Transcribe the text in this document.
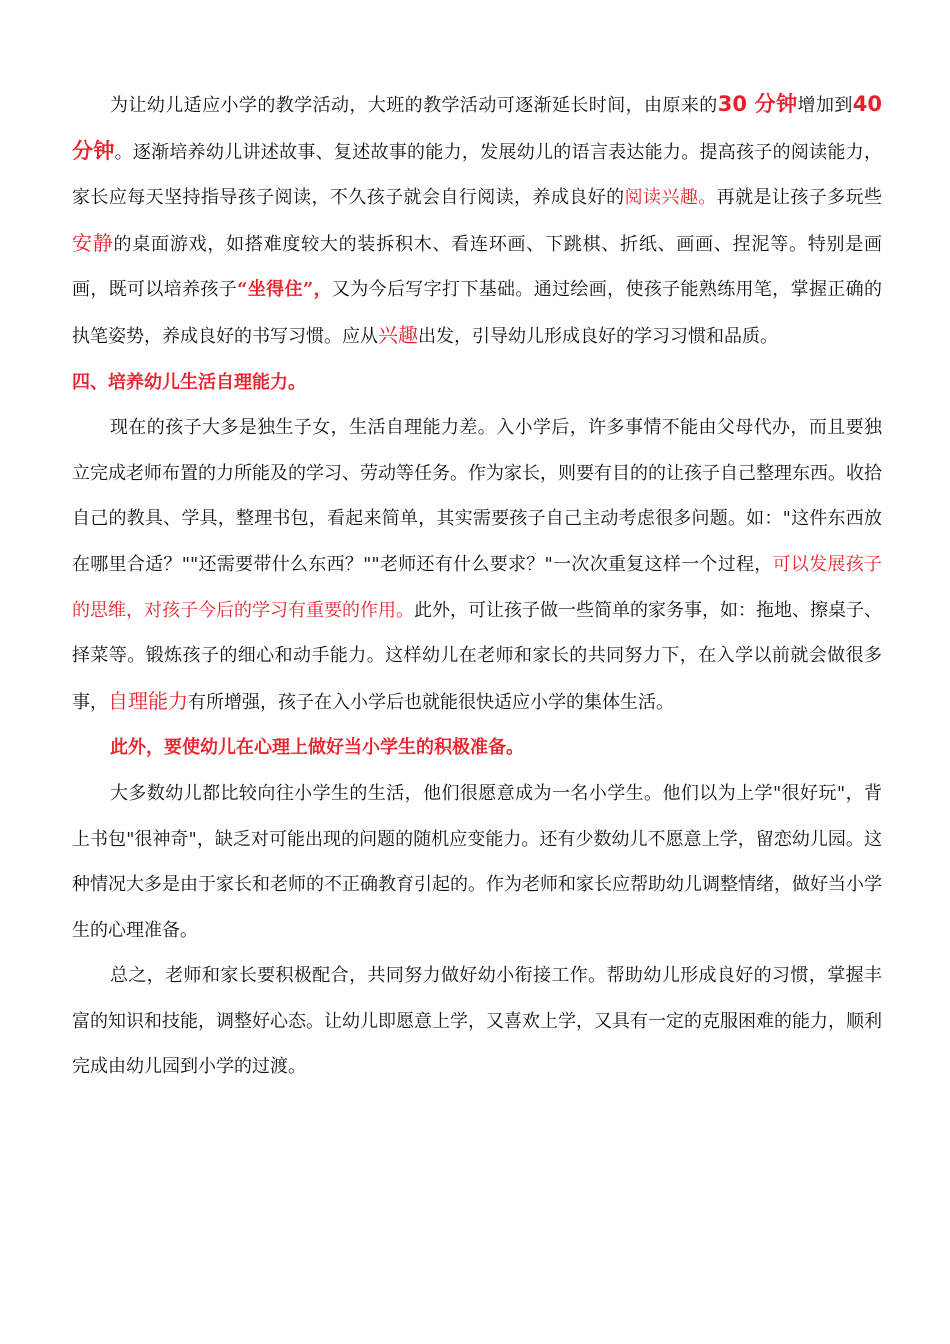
为让幼儿适应小学的教学活动，大班的教学活动可逐渐延长时间，由原来的30 分钟增加到40 分钟。逐渐培养幼儿讲述故事、复述故事的能力，发展幼儿的语言表达能力。提高孩子的阅读能力，家长应每天坚持指导孩子阅读，不久孩子就会自行阅读，养成良好的阅读兴趣。再就是让孩子多玩些安静的桌面游戏，如搭难度较大的装拆积木、看连环画、下跳棋、折纸、画画、捏泥等。特别是画画，既可以培养孩子“坐得住”，又为今后写字打下基础。通过绘画，使孩子能熟练用笔，掌握正确的执笔姿势，养成良好的书写习惯。应从兴趣出发，引导幼儿形成良好的学习习惯和品质。

四、培养幼儿生活自理能力。

现在的孩子大多是独生子女，生活自理能力差。入小学后，许多事情不能由父母代办，而且要独立完成老师布置的力所能及的学习、劳动等任务。作为家长，则要有目的的让孩子自己整理东西。收拾自己的教具、学具，整理书包，看起来简单，其实需要孩子自己主动考虑很多问题。如："这件东西放在哪里合适？""还需要带什么东西？""老师还有什么要求？"一次次重复这样一个过程，可以发展孩子的思维，对孩子今后的学习有重要的作用。此外，可让孩子做一些简单的家务事，如：拖地、擦桌子、择菜等。锻炼孩子的细心和动手能力。这样幼儿在老师和家长的共同努力下，在入学以前就会做很多事，自理能力有所增强，孩子在入小学后也就能很快适应小学的集体生活。

此外，要使幼儿在心理上做好当小学生的积极准备。

大多数幼儿都比较向往小学生的生活，他们很愿意成为一名小学生。他们以为上学"很好玩"，背上书包"很神奇"，缺乏对可能出现的问题的随机应变能力。还有少数幼儿不愿意上学，留恋幼儿园。这种情况大多是由于家长和老师的不正确教育引起的。作为老师和家长应帮助幼儿调整情绪，做好当小学生的心理准备。

总之，老师和家长要积极配合，共同努力做好幼小衔接工作。帮助幼儿形成良好的习惯，掌握丰富的知识和技能，调整好心态。让幼儿即愿意上学，又喜欢上学，又具有一定的克服困难的能力，顺利完成由幼儿园到小学的过渡。
